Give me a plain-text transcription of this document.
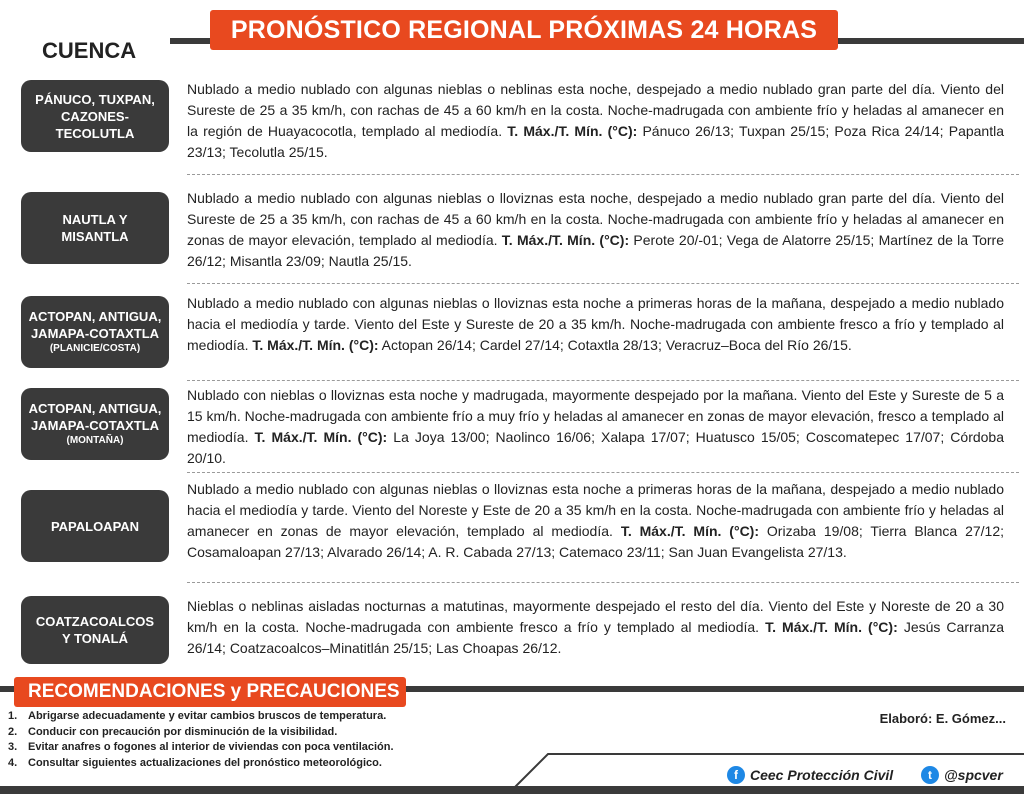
PRONÓSTICO REGIONAL PRÓXIMAS 24 HORAS
CUENCA
PÁNUCO, TUXPAN, CAZONES-TECOLUTLA
Nublado a medio nublado con algunas nieblas o neblinas esta noche, despejado a medio nublado gran parte del día. Viento del Sureste de 25 a 35 km/h, con rachas de 45 a 60 km/h en la costa. Noche-madrugada con ambiente frío y heladas al amanecer en la región de Huayacocotla, templado al mediodía. T. Máx./T. Mín. (°C): Pánuco 26/13; Tuxpan 25/15; Poza Rica 24/14; Papantla 23/13; Tecolutla 25/15.
NAUTLA Y MISANTLA
Nublado a medio nublado con algunas nieblas o lloviznas esta noche, despejado a medio nublado gran parte del día. Viento del Sureste de 25 a 35 km/h, con rachas de 45 a 60 km/h en la costa. Noche-madrugada con ambiente frío y heladas al amanecer en zonas de mayor elevación, templado al mediodía. T. Máx./T. Mín. (°C): Perote 20/-01; Vega de Alatorre 25/15; Martínez de la Torre 26/12; Misantla 23/09; Nautla 25/15.
ACTOPAN, ANTIGUA, JAMAPA-COTAXTLA
(PLANICIE/COSTA)
Nublado a medio nublado con algunas nieblas o lloviznas esta noche a primeras horas de la mañana, despejado a medio nublado hacia el mediodía y tarde. Viento del Este y Sureste de 20 a 35 km/h. Noche-madrugada con ambiente fresco a frío y templado al mediodía. T. Máx./T. Mín. (°C): Actopan 26/14; Cardel 27/14; Cotaxtla 28/13; Veracruz–Boca del Río 26/15.
ACTOPAN, ANTIGUA, JAMAPA-COTAXTLA
(MONTAÑA)
Nublado con nieblas o lloviznas esta noche y madrugada, mayormente despejado por la mañana. Viento del Este y Sureste de 5 a 15 km/h. Noche-madrugada con ambiente frío a muy frío y heladas al amanecer en zonas de mayor elevación, fresco a templado al mediodía. T. Máx./T. Mín. (°C): La Joya 13/00; Naolinco 16/06; Xalapa 17/07; Huatusco 15/05; Coscomatepec 17/07; Córdoba 20/10.
PAPALOAPAN
Nublado a medio nublado con algunas nieblas o lloviznas esta noche a primeras horas de la mañana, despejado a medio nublado hacia el mediodía y tarde. Viento del Noreste y Este de 20 a 35 km/h en la costa. Noche-madrugada con ambiente frío y heladas al amanecer en zonas de mayor elevación, templado al mediodía. T. Máx./T. Mín. (°C): Orizaba 19/08; Tierra Blanca 27/12; Cosamaloapan 27/13; Alvarado 26/14; A. R. Cabada 27/13; Catemaco 23/11; San Juan Evangelista 27/13.
COATZACOALCOS Y TONALÁ
Nieblas o neblinas aisladas nocturnas a matutinas, mayormente despejado el resto del día. Viento del Este y Noreste de 20 a 30 km/h en la costa. Noche-madrugada con ambiente fresco a frío y templado al mediodía. T. Máx./T. Mín. (°C): Jesús Carranza 26/14; Coatzacoalcos–Minatitlán 25/15; Las Choapas 26/12.
RECOMENDACIONES y PRECAUCIONES
1. Abrigarse adecuadamente y evitar cambios bruscos de temperatura.
2. Conducir con precaución por disminución de la visibilidad.
3. Evitar anafres o fogones al interior de viviendas con poca ventilación.
4. Consultar siguientes actualizaciones del pronóstico meteorológico.
Elaboró: E. Gómez...
f Ceec Protección Civil	t @spcver
